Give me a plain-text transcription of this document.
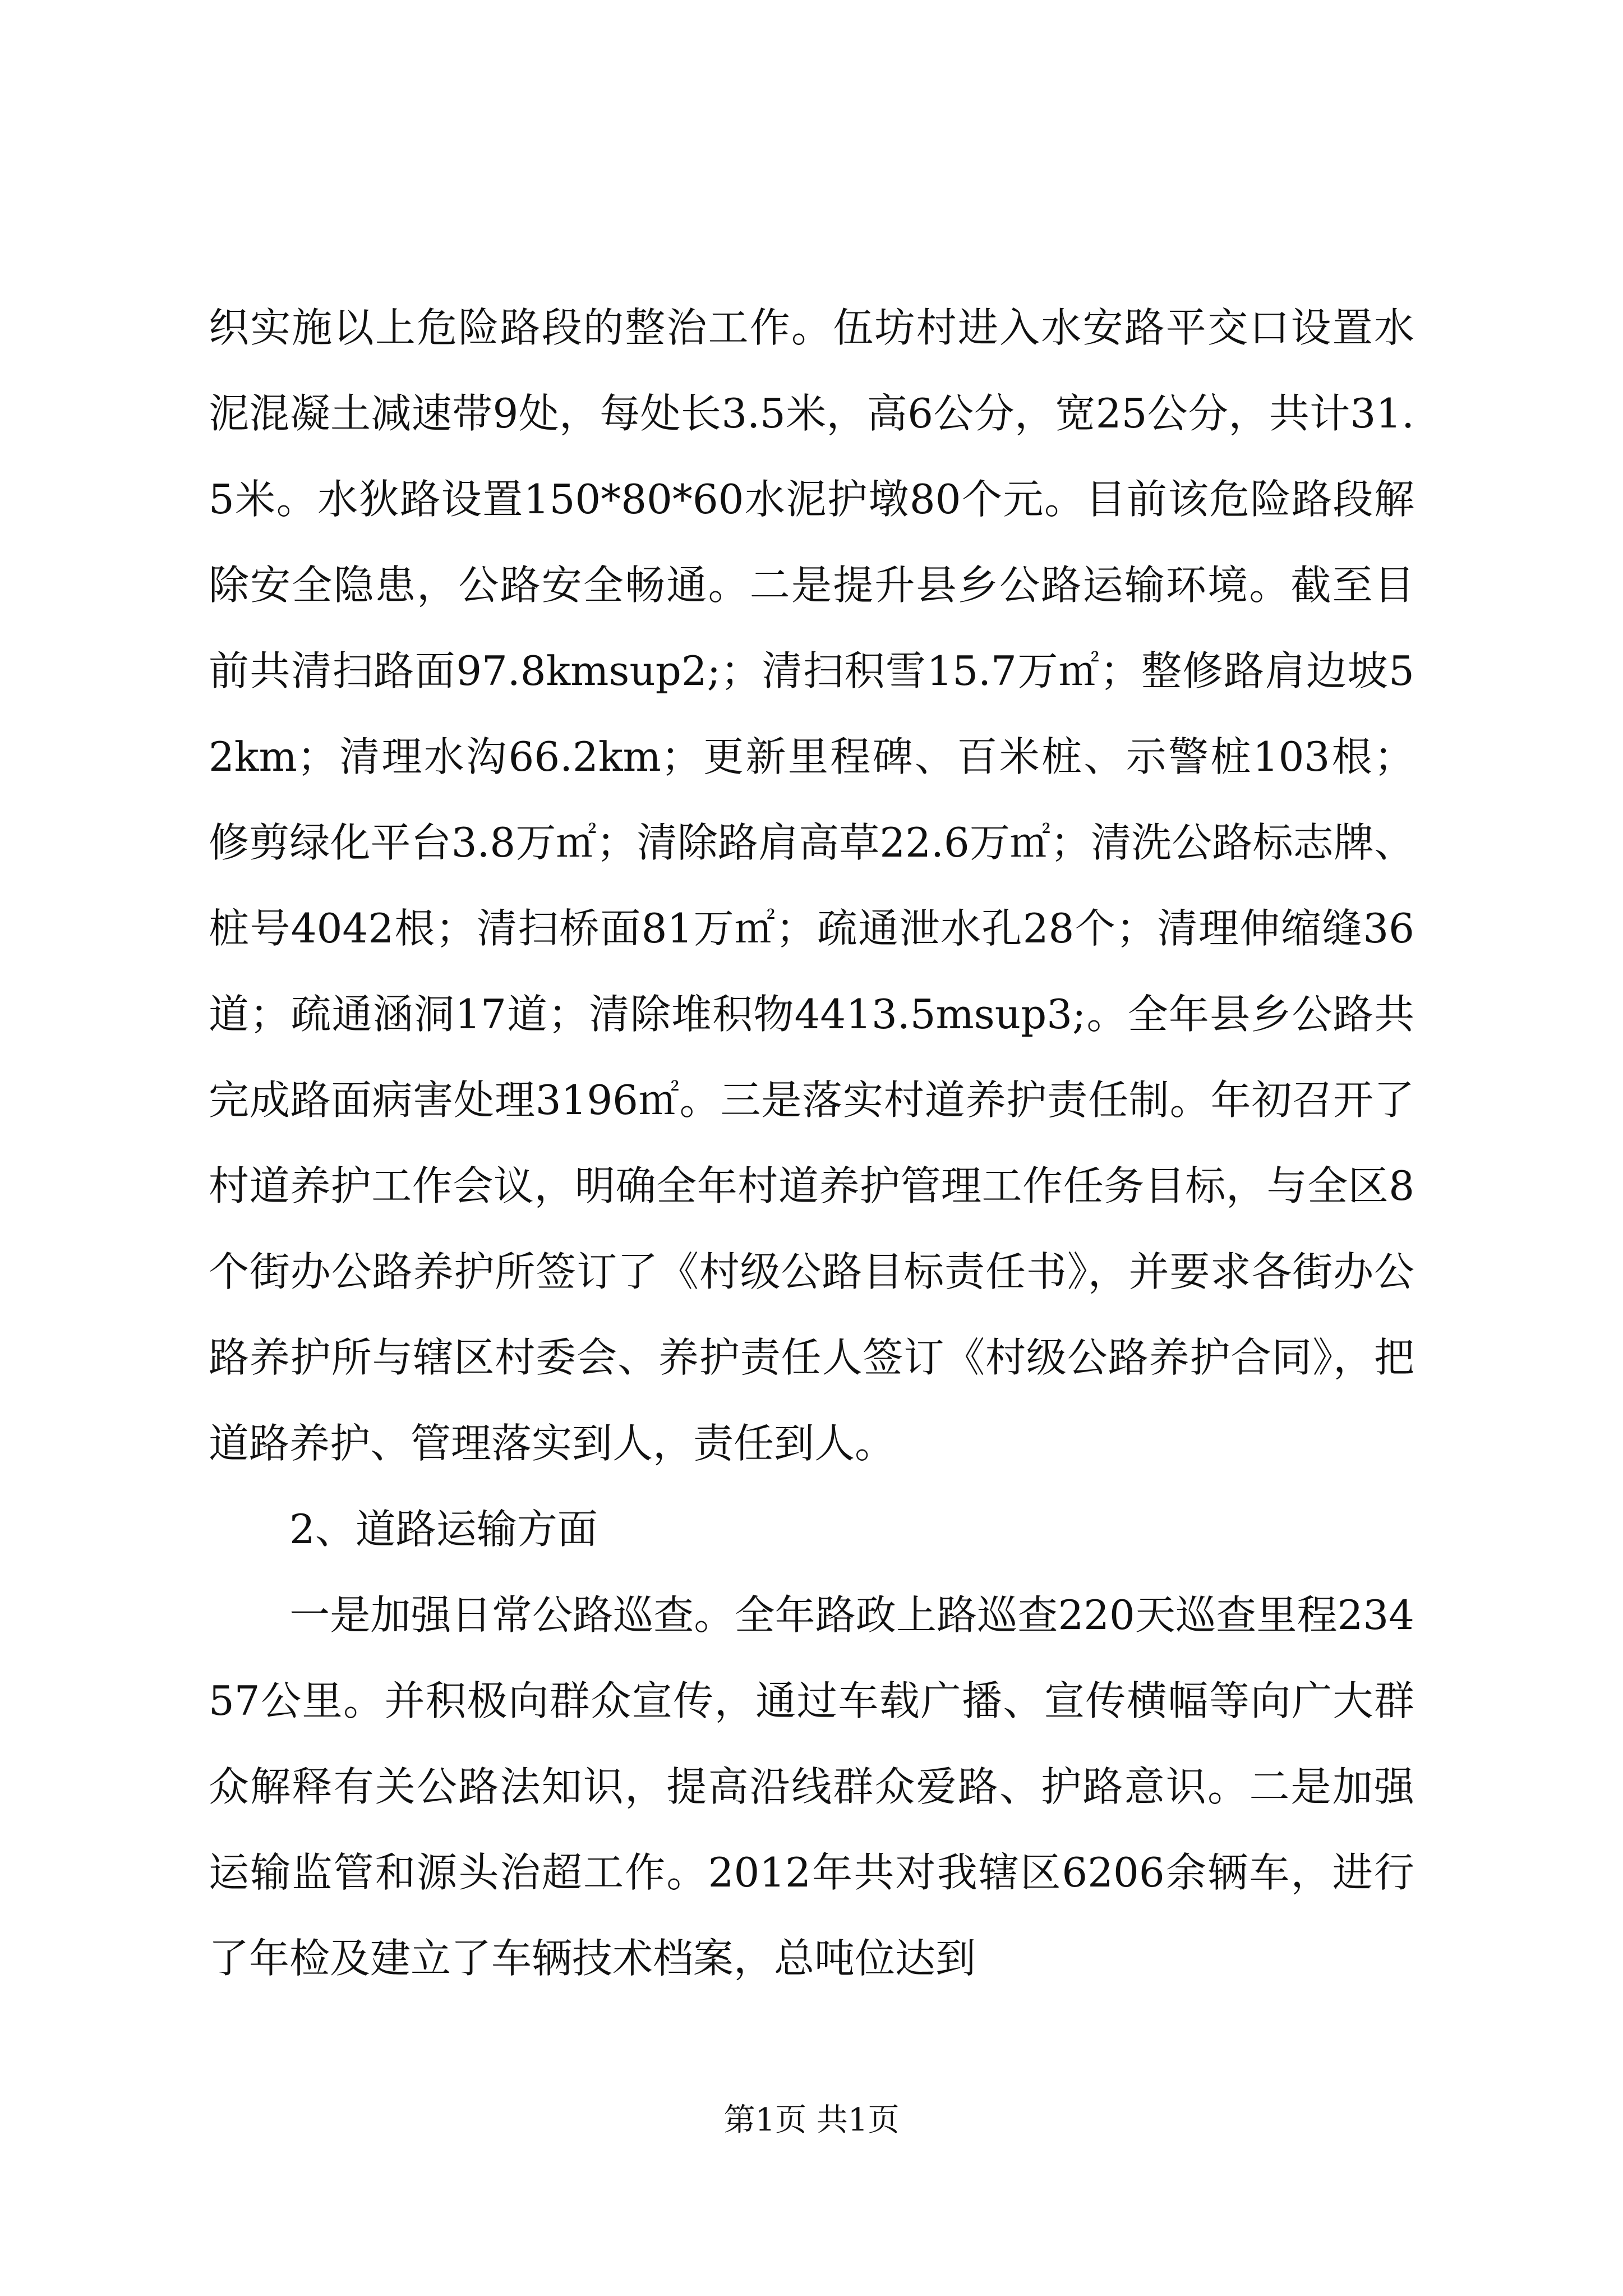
织实施以上危险路段的整治工作。伍坊村进入水安路平交口设置水泥混凝土减速带9处，每处长3.5米，高6公分，宽25公分，共计31.5米。水狄路设置150*80*60水泥护墩80个元。目前该危险路段解除安全隐患，公路安全畅通。二是提升县乡公路运输环境。截至目前共清扫路面97.8kmsup2;；清扫积雪15.7万㎡；整修路肩边坡52km；清理水沟66.2km；更新里程碑、百米桩、示警桩103根；修剪绿化平台3.8万㎡；清除路肩高草22.6万㎡；清洗公路标志牌、桩号4042根；清扫桥面81万㎡；疏通泄水孔28个；清理伸缩缝36道；疏通涵洞17道；清除堆积物4413.5msup3;。全年县乡公路共完成路面病害处理3196㎡。三是落实村道养护责任制。年初召开了村道养护工作会议，明确全年村道养护管理工作任务目标，与全区8个街办公路养护所签订了《村级公路目标责任书》，并要求各街办公路养护所与辖区村委会、养护责任人签订《村级公路养护合同》，把道路养护、管理落实到人，责任到人。

　　2、道路运输方面

　　一是加强日常公路巡查。全年路政上路巡查220天巡查里程23457公里。并积极向群众宣传，通过车载广播、宣传横幅等向广大群众解释有关公路法知识，提高沿线群众爱路、护路意识。二是加强运输监管和源头治超工作。2012年共对我辖区6206余辆车，进行了年检及建立了车辆技术档案，总吨位达到

第1页 共1页
